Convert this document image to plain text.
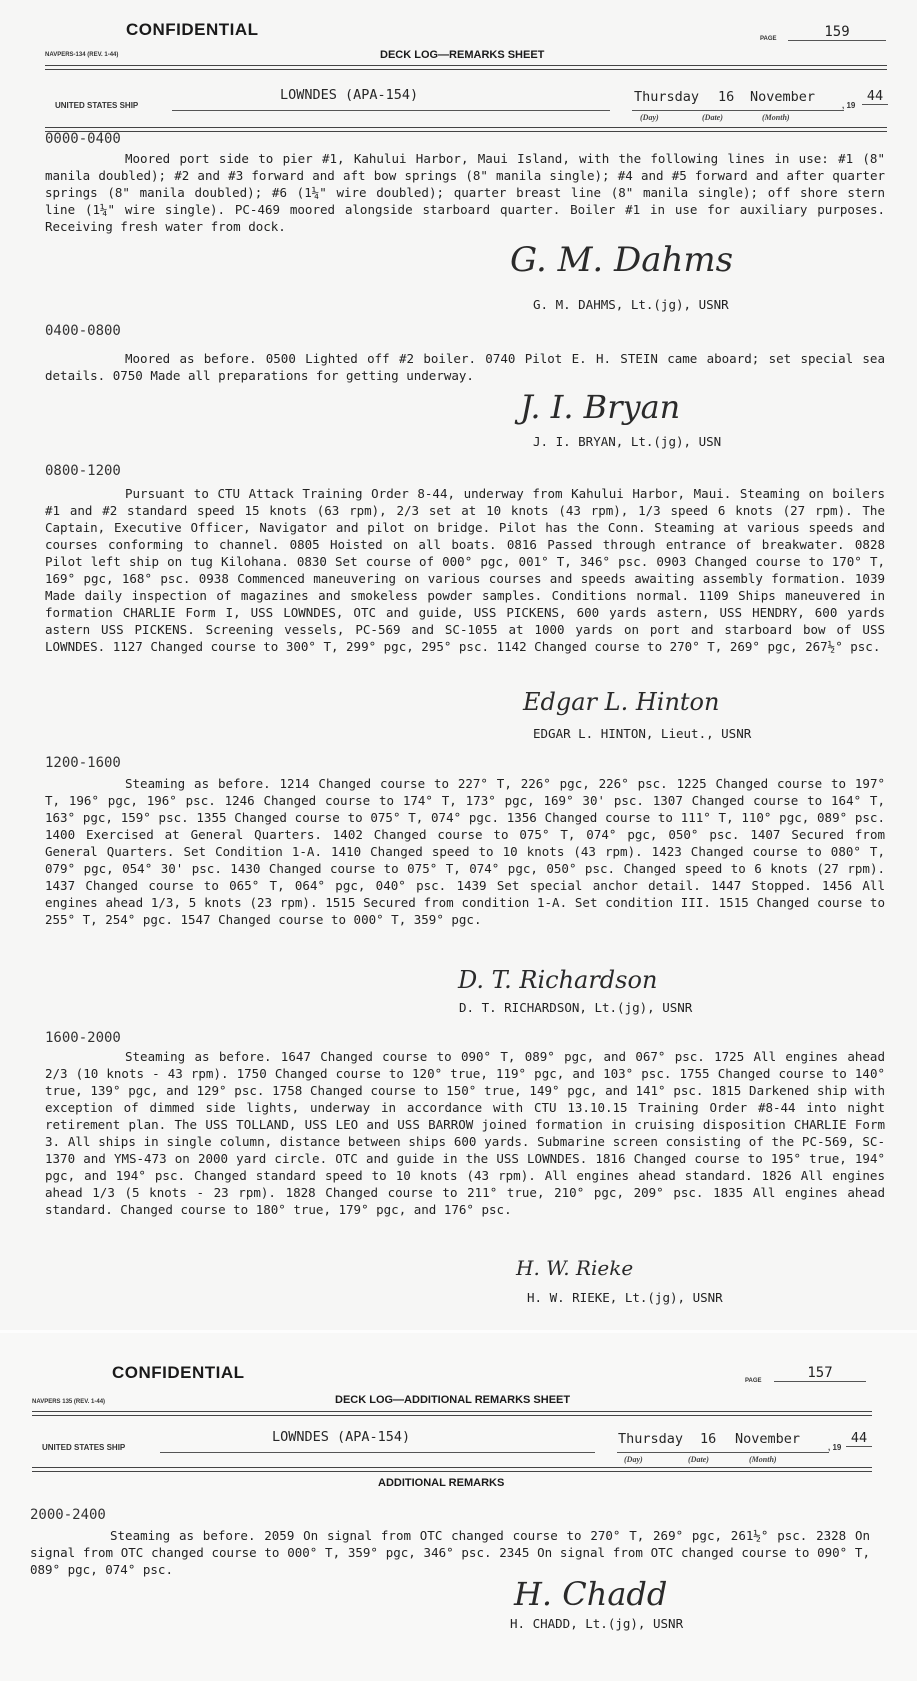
CONFIDENTIAL	PAGE	159
NAVPERS-134 (REV. 1-44)	DECK LOG—REMARKS SHEET
UNITED STATES SHIP
LOWNDES (APA-154)	Thursday 16 November
, 19
44
(Day)	(Date)	(Month)
0000-0400
Moored port side to pier #1, Kahului Harbor, Maui Island, with the following lines in use: #1 (8" manila doubled); #2 and #3 forward and aft bow springs (8" manila single); #4 and #5 forward and after quarter springs (8" manila doubled); #6 (1¼" wire doubled); quarter breast line (8" manila single); off shore stern line (1¼" wire single). PC-469 moored alongside starboard quarter. Boiler #1 in use for auxiliary purposes. Receiving fresh water from dock.
G. M. Dahms
G. M. DAHMS, Lt.(jg), USNR
0400-0800
Moored as before. 0500 Lighted off #2 boiler. 0740 Pilot E. H. STEIN came aboard; set special sea details. 0750 Made all preparations for getting underway.
J. I. Bryan
J. I. BRYAN, Lt.(jg), USN
0800-1200
Pursuant to CTU Attack Training Order 8-44, underway from Kahului Harbor, Maui. Steaming on boilers #1 and #2 standard speed 15 knots (63 rpm), 2/3 set at 10 knots (43 rpm), 1/3 speed 6 knots (27 rpm). The Captain, Executive Officer, Navigator and pilot on bridge. Pilot has the Conn. Steaming at various speeds and courses conforming to channel. 0805 Hoisted on all boats. 0816 Passed through entrance of breakwater. 0828 Pilot left ship on tug Kilohana. 0830 Set course of 000° pgc, 001° T, 346° psc. 0903 Changed course to 170° T, 169° pgc, 168° psc. 0938 Commenced maneuvering on various courses and speeds awaiting assembly formation. 1039 Made daily inspection of magazines and smokeless powder samples. Conditions normal. 1109 Ships maneuvered in formation CHARLIE Form I, USS LOWNDES, OTC and guide, USS PICKENS, 600 yards astern, USS HENDRY, 600 yards astern USS PICKENS. Screening vessels, PC-569 and SC-1055 at 1000 yards on port and starboard bow of USS LOWNDES. 1127 Changed course to 300° T, 299° pgc, 295° psc. 1142 Changed course to 270° T, 269° pgc, 267½° psc.
Edgar L. Hinton
EDGAR L. HINTON, Lieut., USNR
1200-1600
Steaming as before. 1214 Changed course to 227° T, 226° pgc, 226° psc. 1225 Changed course to 197° T, 196° pgc, 196° psc. 1246 Changed course to 174° T, 173° pgc, 169° 30' psc. 1307 Changed course to 164° T, 163° pgc, 159° psc. 1355 Changed course to 075° T, 074° pgc. 1356 Changed course to 111° T, 110° pgc, 089° psc. 1400 Exercised at General Quarters. 1402 Changed course to 075° T, 074° pgc, 050° psc. 1407 Secured from General Quarters. Set Condition 1-A. 1410 Changed speed to 10 knots (43 rpm). 1423 Changed course to 080° T, 079° pgc, 054° 30' psc. 1430 Changed course to 075° T, 074° pgc, 050° psc. Changed speed to 6 knots (27 rpm). 1437 Changed course to 065° T, 064° pgc, 040° psc. 1439 Set special anchor detail. 1447 Stopped. 1456 All engines ahead 1/3, 5 knots (23 rpm). 1515 Secured from condition 1-A. Set condition III. 1515 Changed course to 255° T, 254° pgc. 1547 Changed course to 000° T, 359° pgc.
D. T. Richardson
D. T. RICHARDSON, Lt.(jg), USNR
1600-2000
Steaming as before. 1647 Changed course to 090° T, 089° pgc, and 067° psc. 1725 All engines ahead 2/3 (10 knots - 43 rpm). 1750 Changed course to 120° true, 119° pgc, and 103° psc. 1755 Changed course to 140° true, 139° pgc, and 129° psc. 1758 Changed course to 150° true, 149° pgc, and 141° psc. 1815 Darkened ship with exception of dimmed side lights, underway in accordance with CTU 13.10.15 Training Order #8-44 into night retirement plan. The USS TOLLAND, USS LEO and USS BARROW joined formation in cruising disposition CHARLIE Form 3. All ships in single column, distance between ships 600 yards. Submarine screen consisting of the PC-569, SC-1370 and YMS-473 on 2000 yard circle. OTC and guide in the USS LOWNDES. 1816 Changed course to 195° true, 194° pgc, and 194° psc. Changed standard speed to 10 knots (43 rpm). All engines ahead standard. 1826 All engines ahead 1/3 (5 knots - 23 rpm). 1828 Changed course to 211° true, 210° pgc, 209° psc. 1835 All engines ahead standard. Changed course to 180° true, 179° pgc, and 176° psc.
H. W. Rieke
H. W. RIEKE, Lt.(jg), USNR
CONFIDENTIAL	PAGE	157
NAVPERS 135 (REV. 1-44)	DECK LOG—ADDITIONAL REMARKS SHEET
UNITED STATES SHIP
LOWNDES (APA-154)	Thursday 16 November
, 19
44
(Day)	(Date)	(Month)
ADDITIONAL REMARKS
2000-2400
Steaming as before. 2059 On signal from OTC changed course to 270° T, 269° pgc, 261½° psc. 2328 On signal from OTC changed course to 000° T, 359° pgc, 346° psc. 2345 On signal from OTC changed course to 090° T, 089° pgc, 074° psc.
H. Chadd
H. CHADD, Lt.(jg), USNR
